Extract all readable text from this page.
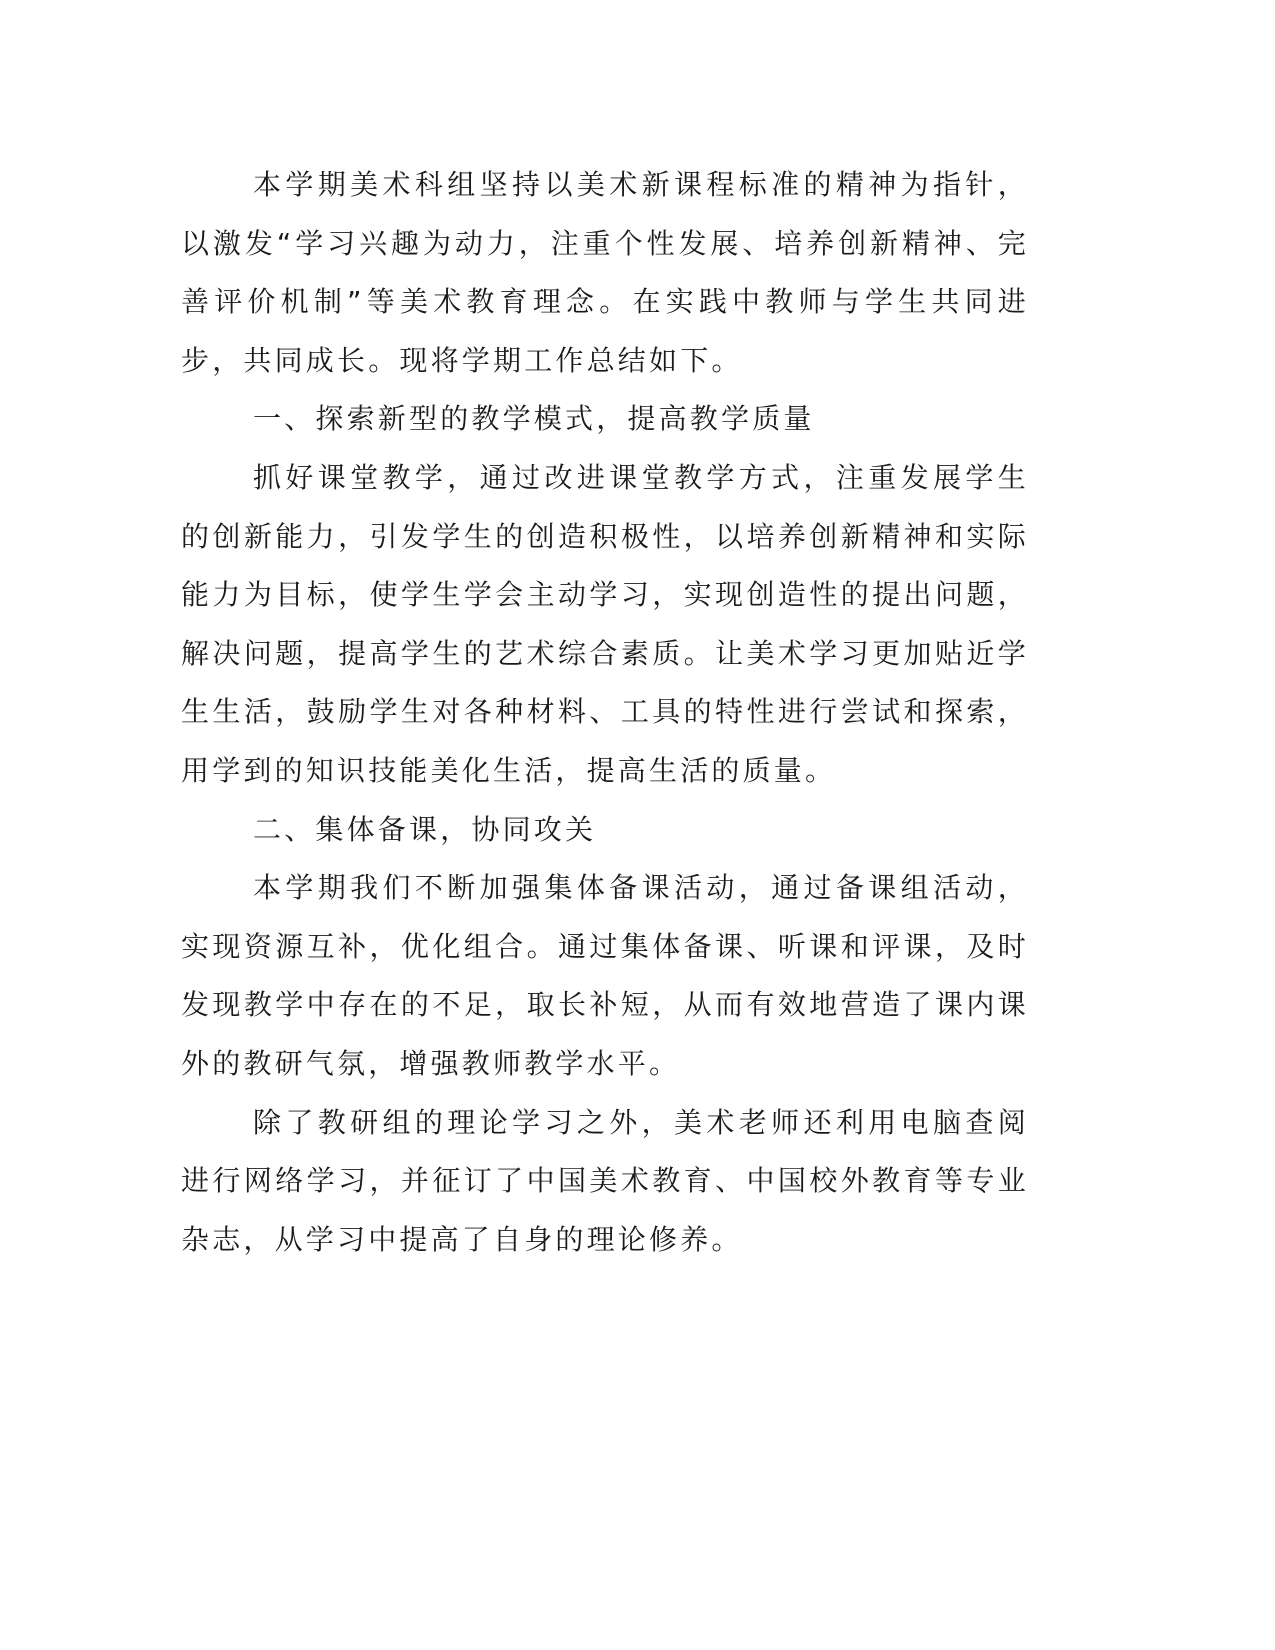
本学期美术科组坚持以美术新课程标准的精神为指针，以激发“学习兴趣为动力，注重个性发展、培养创新精神、完善评价机制”等美术教育理念。在实践中教师与学生共同进步，共同成长。现将学期工作总结如下。

一、探索新型的教学模式，提高教学质量

抓好课堂教学，通过改进课堂教学方式，注重发展学生的创新能力，引发学生的创造积极性，以培养创新精神和实际能力为目标，使学生学会主动学习，实现创造性的提出问题，解决问题，提高学生的艺术综合素质。让美术学习更加贴近学生生活，鼓励学生对各种材料、工具的特性进行尝试和探索，用学到的知识技能美化生活，提高生活的质量。

二、集体备课，协同攻关

本学期我们不断加强集体备课活动，通过备课组活动，实现资源互补，优化组合。通过集体备课、听课和评课，及时发现教学中存在的不足，取长补短，从而有效地营造了课内课外的教研气氛，增强教师教学水平。

除了教研组的理论学习之外，美术老师还利用电脑查阅进行网络学习，并征订了中国美术教育、中国校外教育等专业杂志，从学习中提高了自身的理论修养。
